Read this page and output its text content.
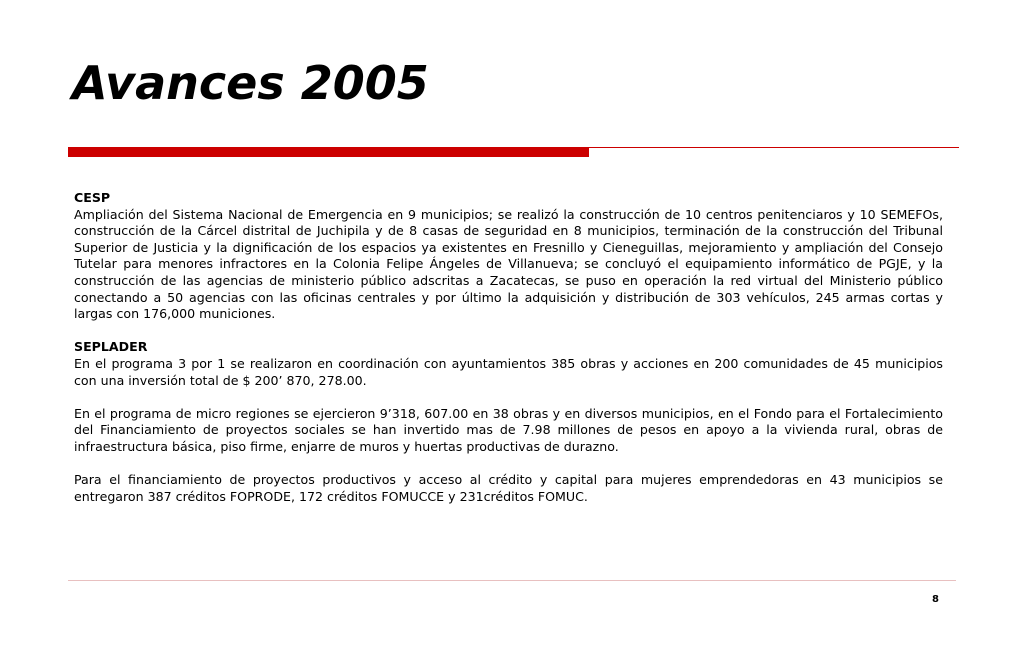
Avances 2005
CESP

Ampliación del Sistema Nacional de Emergencia en 9 municipios; se realizó la construcción de 10 centros penitenciaros y 10 SEMEFOs, construcción de la Cárcel distrital de Juchipila y de 8 casas de seguridad en 8 municipios, terminación de la construcción del Tribunal Superior de Justicia y la dignificación de los espacios ya existentes en Fresnillo y Cieneguillas, mejoramiento y ampliación del Consejo Tutelar para menores infractores en la Colonia Felipe Ángeles de Villanueva; se concluyó el equipamiento informático de PGJE, y la construcción de las agencias de ministerio público adscritas a Zacatecas, se puso en operación la red virtual del Ministerio público conectando a 50 agencias con las oficinas centrales y por último la adquisición y distribución de 303 vehículos, 245 armas cortas y largas con 176,000 municiones.

SEPLADER

En el programa 3 por 1 se realizaron en coordinación con ayuntamientos 385 obras y acciones en 200 comunidades de 45 municipios con una inversión total de $ 200’ 870, 278.00.

En el programa de micro regiones se ejercieron 9’318, 607.00 en 38 obras y en diversos municipios, en el Fondo para el Fortalecimiento del Financiamiento de proyectos sociales se han invertido mas de 7.98 millones de pesos en apoyo a la vivienda rural, obras de infraestructura básica, piso firme, enjarre de muros y huertas productivas de durazno.

Para el financiamiento de proyectos productivos y acceso al crédito y capital para mujeres emprendedoras en 43 municipios se entregaron 387 créditos FOPRODE, 172 créditos FOMUCCE y 231créditos FOMUC.

8
